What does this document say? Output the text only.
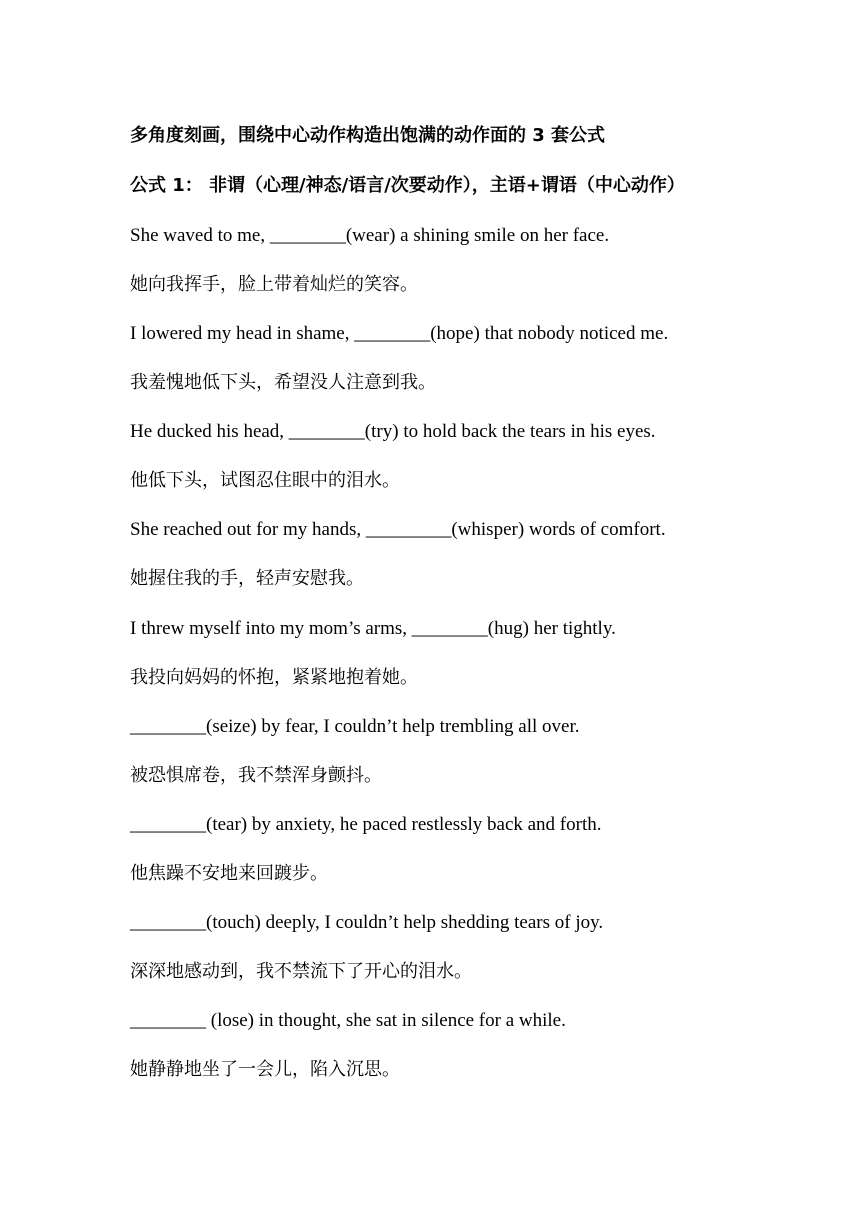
多角度刻画，围绕中心动作构造出饱满的动作面的 3 套公式
公式 1： 非谓（心理/神态/语言/次要动作），主语+谓语（中心动作）
She waved to me, ________(wear) a shining smile on her face.
她向我挥手，脸上带着灿烂的笑容。
I lowered my head in shame, ________(hope) that nobody noticed me.
我羞愧地低下头，希望没人注意到我。
He ducked his head, ________(try) to hold back the tears in his eyes.
他低下头，试图忍住眼中的泪水。
She reached out for my hands, _________(whisper) words of comfort.
她握住我的手，轻声安慰我。
I threw myself into my mom’s arms, ________(hug) her tightly.
我投向妈妈的怀抱，紧紧地抱着她。
________(seize) by fear, I couldn’t help trembling all over.
被恐惧席卷，我不禁浑身颤抖。
________(tear) by anxiety, he paced restlessly back and forth.
他焦躁不安地来回踱步。
________(touch) deeply, I couldn’t help shedding tears of joy.
深深地感动到，我不禁流下了开心的泪水。
________ (lose) in thought, she sat in silence for a while.
她静静地坐了一会儿，陷入沉思。
